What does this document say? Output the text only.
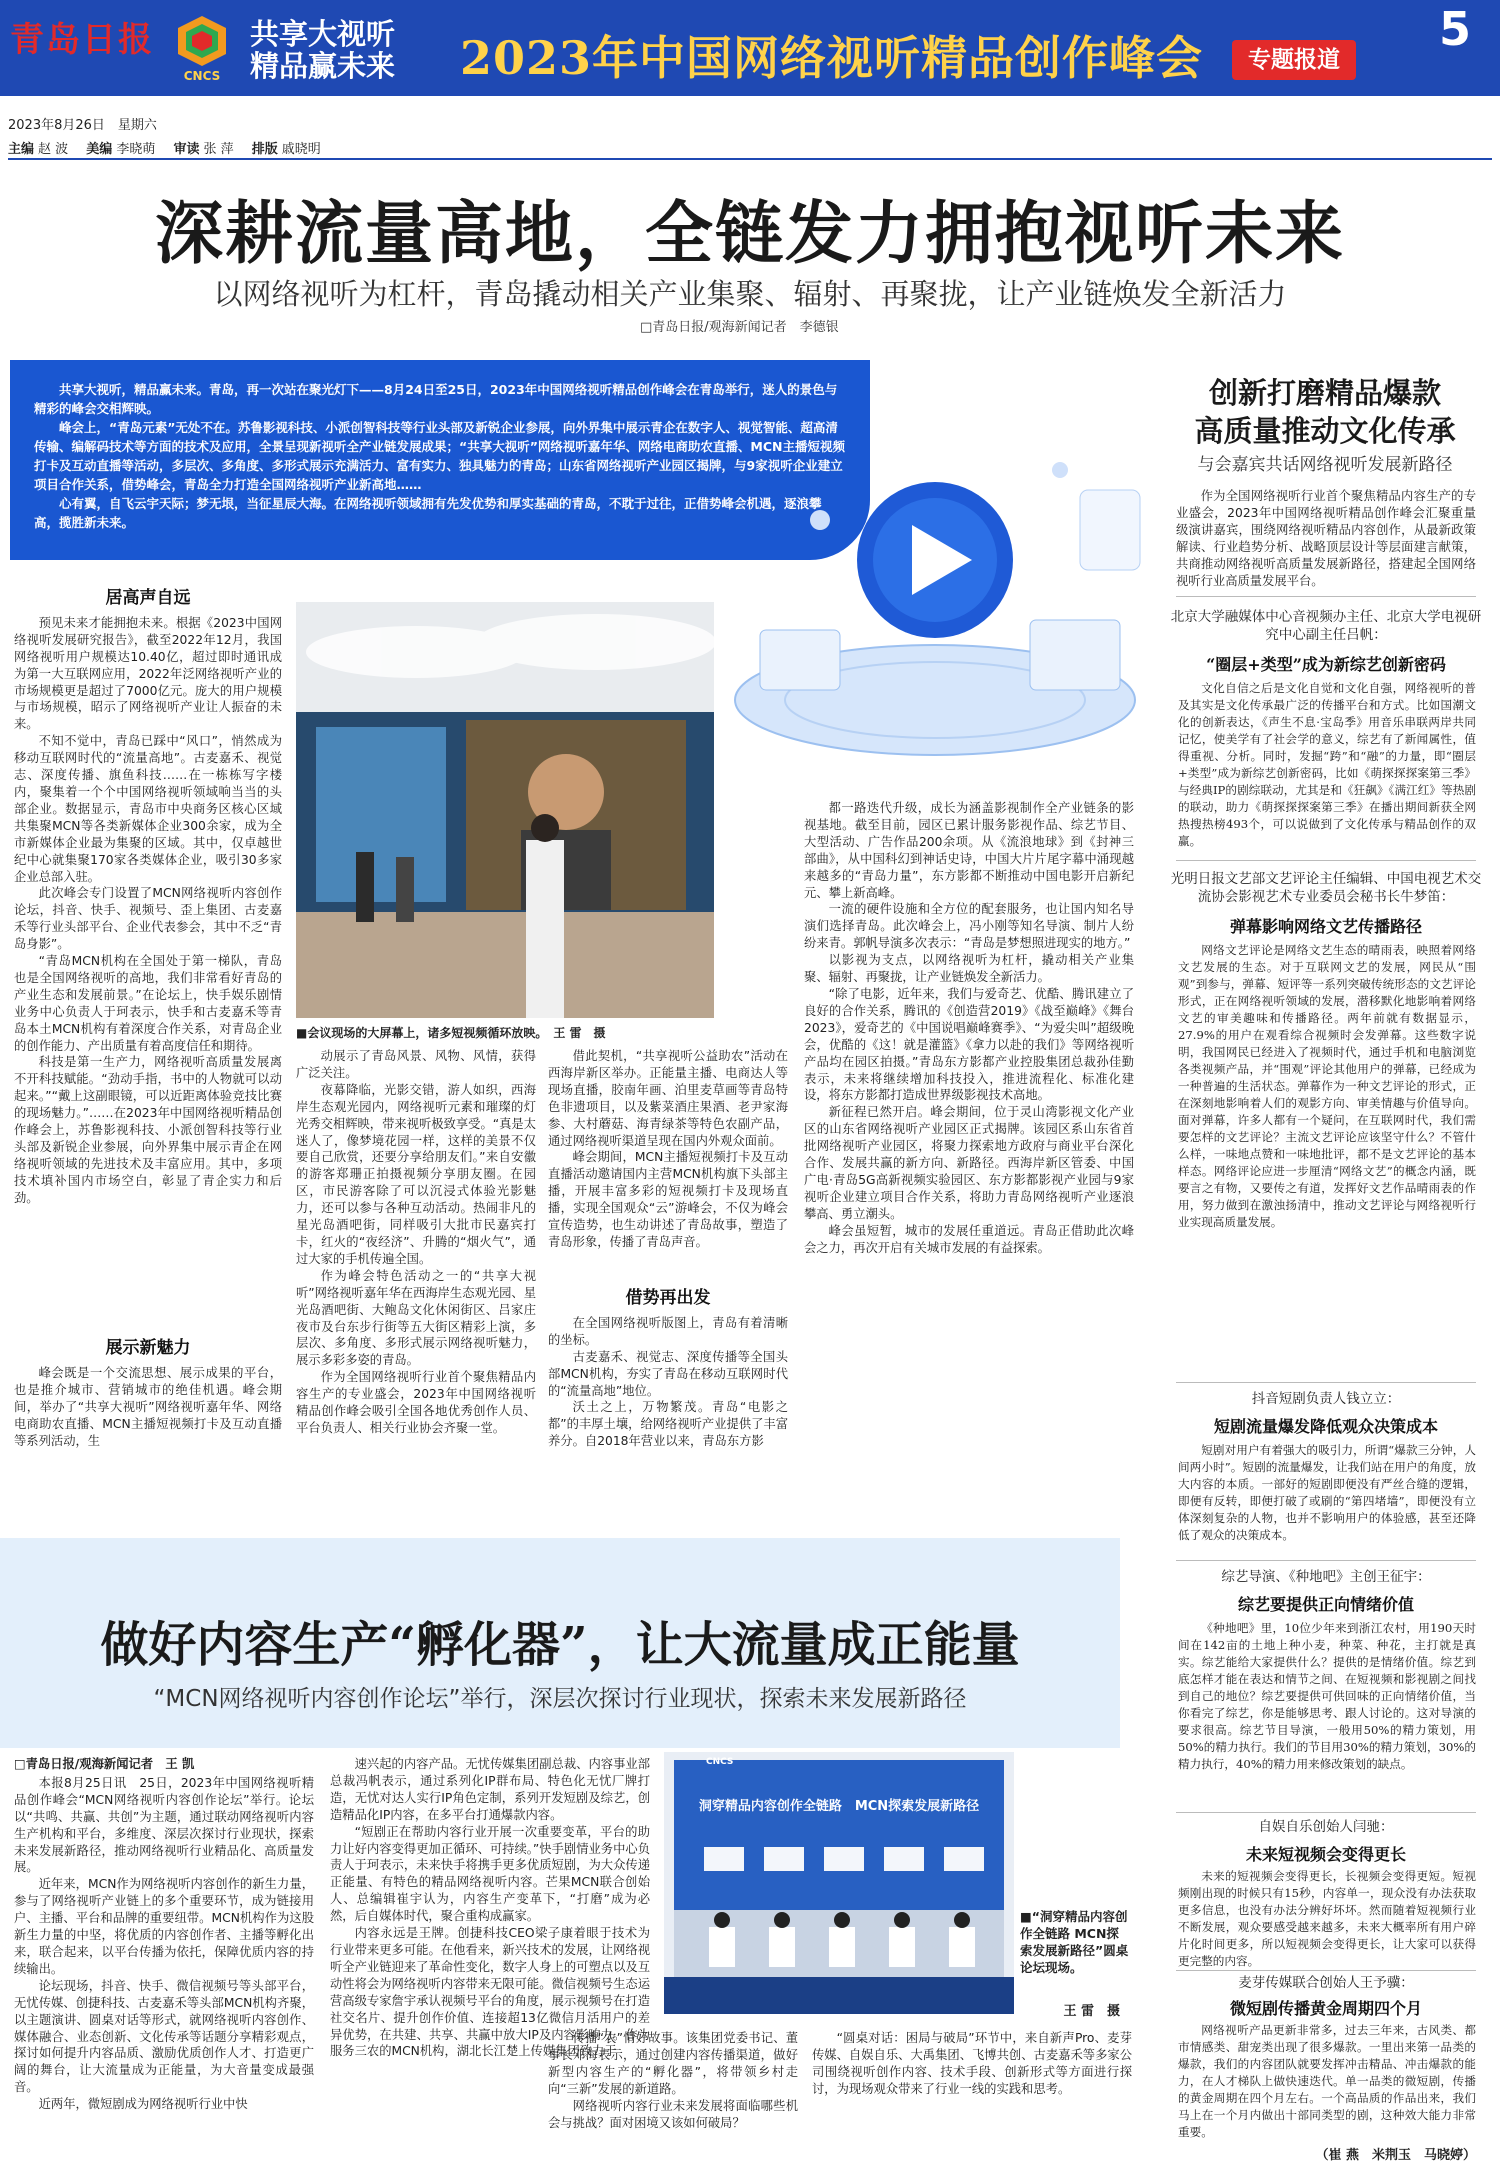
青岛日报
CNCS
共享大视听
精品赢未来	2023年中国网络视听精品创作峰会	专题报道
5
2023年8月26日　星期六
主编 赵 波 美编 李晓萌 审读 张 萍 排版 戚晓明
深耕流量高地，全链发力拥抱视听未来
以网络视听为杠杆，青岛撬动相关产业集聚、辐射、再聚拢，让产业链焕发全新活力
□青岛日报/观海新闻记者　李德银

共享大视听，精品赢未来。青岛，再一次站在聚光灯下——8月24日至25日，2023年中国网络视听精品创作峰会在青岛举行，迷人的景色与精彩的峰会交相辉映。

峰会上，“青岛元素”无处不在。苏鲁影视科技、小派创智科技等行业头部及新锐企业参展，向外界集中展示青企在数字人、视觉智能、超高清传输、编解码技术等方面的技术及应用，全景呈现新视听全产业链发展成果；“共享大视听”网络视听嘉年华、网络电商助农直播、MCN主播短视频打卡及互动直播等活动，多层次、多角度、多形式展示充满活力、富有实力、独具魅力的青岛；山东省网络视听产业园区揭牌，与9家视听企业建立项目合作关系，借势峰会，青岛全力打造全国网络视听产业新高地……

心有翼，自飞云宇天际；梦无垠，当征星辰大海。在网络视听领域拥有先发优势和厚实基础的青岛，不耽于过往，正借势峰会机遇，逐浪攀高，揽胜新未来。

■会议现场的大屏幕上，诸多短视频循环放映。　王 雷　摄
居高声自远

预见未来才能拥抱未来。根据《2023中国网络视听发展研究报告》，截至2022年12月，我国网络视听用户规模达10.40亿，超过即时通讯成为第一大互联网应用，2022年泛网络视听产业的市场规模更是超过了7000亿元。庞大的用户规模与市场规模，昭示了网络视听产业让人振奋的未来。

不知不觉中，青岛已踩中“风口”，悄然成为移动互联网时代的“流量高地”。古麦嘉禾、视觉志、深度传播、旗鱼科技……在一栋栋写字楼内，聚集着一个个中国网络视听领域响当当的头部企业。数据显示，青岛市中央商务区核心区域共集聚MCN等各类新媒体企业300余家，成为全市新媒体企业最为集聚的区域。其中，仅卓越世纪中心就集聚170家各类媒体企业，吸引30多家企业总部入驻。

此次峰会专门设置了MCN网络视听内容创作论坛，抖音、快手、视频号、歪上集团、古麦嘉禾等行业头部平台、企业代表参会，其中不乏“青岛身影”。

“青岛MCN机构在全国处于第一梯队，青岛也是全国网络视听的高地，我们非常看好青岛的产业生态和发展前景。”在论坛上，快手娱乐剧情业务中心负责人于珂表示，快手和古麦嘉禾等青岛本土MCN机构有着深度合作关系，对青岛企业的创作能力、产出质量有着高度信任和期待。

科技是第一生产力，网络视听高质量发展离不开科技赋能。“劲动手指，书中的人物就可以动起来。”“戴上这副眼镜，可以近距离体验竞技比赛的现场魅力。”……在2023年中国网络视听精品创作峰会上，苏鲁影视科技、小派创智科技等行业头部及新锐企业参展，向外界集中展示青企在网络视听领域的先进技术及丰富应用。其中，多项技术填补国内市场空白，彰显了青企实力和后劲。

展示新魅力

峰会既是一个交流思想、展示成果的平台，也是推介城市、营销城市的绝佳机遇。峰会期间，举办了“共享大视听”网络视听嘉年华、网络电商助农直播、MCN主播短视频打卡及互动直播等系列活动，生

动展示了青岛风景、风物、风情，获得广泛关注。

夜幕降临，光影交错，游人如织，西海岸生态观光园内，网络视听元素和璀璨的灯光秀交相辉映，带来视听极致享受。“真是太迷人了，像梦境花园一样，这样的美景不仅要自己欣赏，还要分享给朋友们。”来自安徽的游客郑珊正拍摄视频分享朋友圈。在园区，市民游客除了可以沉浸式体验光影魅力，还可以参与各种互动活动。热闹非凡的星光岛酒吧街，同样吸引大批市民嘉宾打卡，红火的“夜经济”、升腾的“烟火气”，通过大家的手机传遍全国。

作为峰会特色活动之一的“共享大视听”网络视听嘉年华在西海岸生态观光园、星光岛酒吧街、大鲍岛文化休闲街区、吕家庄夜市及台东步行街等五大街区精彩上演，多层次、多角度、多形式展示网络视听魅力，展示多彩多姿的青岛。

作为全国网络视听行业首个聚焦精品内容生产的专业盛会，2023年中国网络视听精品创作峰会吸引全国各地优秀创作人员、平台负责人、相关行业协会齐聚一堂。

借此契机，“共享视听公益助农”活动在西海岸新区举办。正能量主播、电商达人等现场直播，胶南年画、泊里麦草画等青岛特色非遗项目，以及紫菜酒庄果酒、老尹家海参、大村蘑菇、海青绿茶等特色农副产品，通过网络视听渠道呈现在国内外观众面前。

峰会期间，MCN主播短视频打卡及互动直播活动邀请国内主营MCN机构旗下头部主播，开展丰富多彩的短视频打卡及现场直播，实现全国观众“云”游峰会，不仅为峰会宣传造势，也生动讲述了青岛故事，塑造了青岛形象，传播了青岛声音。

借势再出发

在全国网络视听版图上，青岛有着清晰的坐标。

古麦嘉禾、视觉志、深度传播等全国头部MCN机构，夯实了青岛在移动互联网时代的“流量高地”地位。

沃土之上，万物繁茂。青岛“电影之都”的丰厚土壤，给网络视听产业提供了丰富养分。自2018年营业以来，青岛东方影

都一路迭代升级，成长为涵盖影视制作全产业链条的影视基地。截至目前，园区已累计服务影视作品、综艺节目、大型活动、广告作品200余项。从《流浪地球》到《封神三部曲》，从中国科幻到神话史诗，中国大片片尾字幕中涌现越来越多的“青岛力量”，东方影都不断推动中国电影开启新纪元、攀上新高峰。

一流的硬件设施和全方位的配套服务，也让国内知名导演们选择青岛。此次峰会上，冯小刚等知名导演、制片人纷纷来青。郭帆导演多次表示：“青岛是梦想照进现实的地方。”

以影视为支点，以网络视听为杠杆，撬动相关产业集聚、辐射、再聚拢，让产业链焕发全新活力。

“除了电影，近年来，我们与爱奇艺、优酷、腾讯建立了良好的合作关系，腾讯的《创造营2019》《战至巅峰》《舞台2023》，爱奇艺的《中国说唱巅峰赛季》、“为爱尖叫”超级晚会，优酷的《这！就是灌篮》《拿力以赴的我们》等网络视听产品均在园区拍摄。”青岛东方影都产业控股集团总裁孙佳勤表示，未来将继续增加科技投入，推进流程化、标准化建设，将东方影都打造成世界级影视技术高地。

新征程已然开启。峰会期间，位于灵山湾影视文化产业区的山东省网络视听产业园区正式揭牌。该园区系山东省首批网络视听产业园区，将聚力探索地方政府与商业平台深化合作、发展共赢的新方向、新路径。西海岸新区管委、中国广电·青岛5G高新视频实验园区、东方影都影视产业园与9家视听企业建立项目合作关系，将助力青岛网络视听产业逐浪攀高、勇立潮头。

峰会虽短暂，城市的发展任重道远。青岛正借助此次峰会之力，再次开启有关城市发展的有益探索。

创新打磨精品爆款
高质量推动文化传承
与会嘉宾共话网络视听发展新路径
作为全国网络视听行业首个聚焦精品内容生产的专业盛会，2023年中国网络视听精品创作峰会汇聚重量级演讲嘉宾，围绕网络视听精品内容创作，从最新政策解读、行业趋势分析、战略顶层设计等层面建言献策，共商推动网络视听高质量发展新路径，搭建起全国网络视听行业高质量发展平台。
北京大学融媒体中心音视频办主任、北京大学电视研究中心副主任吕帆：
“圈层+类型”成为新综艺创新密码
文化自信之后是文化自觉和文化自强，网络视听的普及其实是文化传承最广泛的传播平台和方式。比如国潮文化的创新表达，《声生不息·宝岛季》用音乐串联两岸共同记忆，使美学有了社会学的意义，综艺有了新闻属性，值得重视、分析。同时，发掘“跨”和“融”的力量，即“圈层+类型”成为新综艺创新密码，比如《萌探探探案第三季》与经典IP的剧综联动，尤其是和《狂飙》《满江红》等热剧的联动，助力《萌探探探案第三季》在播出期间新获全网热搜热榜493个，可以说做到了文化传承与精品创作的双赢。
光明日报文艺部文艺评论主任编辑、中国电视艺术交流协会影视艺术专业委员会秘书长牛梦笛：
弹幕影响网络文艺传播路径
网络文艺评论是网络文艺生态的晴雨表，映照着网络文艺发展的生态。对于互联网文艺的发展，网民从“围观”到参与，弹幕、短评等一系列突破传统形态的文艺评论形式，正在网络视听领域的发展，潜移默化地影响着网络文艺的审美趣味和传播路径。两年前就有数据显示，27.9%的用户在观看综合视频时会发弹幕。这些数字说明，我国网民已经进入了视频时代，通过手机和电脑浏览各类视频产品，并“围观”评论其他用户的弹幕，已经成为一种普遍的生活状态。弹幕作为一种文艺评论的形式，正在深刻地影响着人们的观影方向、审美情趣与价值导向。面对弹幕，许多人都有一个疑问，在互联网时代，我们需要怎样的文艺评论？主流文艺评论应该坚守什么？不管什么样，一味地点赞和一味地批评，都不是文艺评论的基本样态。网络评论应进一步厘清“网络文艺”的概念内涵，既要言之有物，又要传之有道，发挥好文艺作品晴雨表的作用，努力做到在激浊扬清中，推动文艺评论与网络视听行业实现高质量发展。
抖音短剧负责人钱立立：
短剧流量爆发降低观众决策成本
短剧对用户有着强大的吸引力，所谓“爆款三分钟，人间两小时”。短剧的流量爆发，让我们站在用户的角度，放大内容的本质。一部好的短剧即便没有严丝合缝的逻辑，即便有反转，即便打破了或刷的“第四堵墙”，即便没有立体深刻复杂的人物，也并不影响用户的体验感，甚至还降低了观众的决策成本。
综艺导演、《种地吧》主创王征宇：
综艺要提供正向情绪价值
《种地吧》里，10位少年来到浙江农村，用190天时间在142亩的土地上种小麦，种菜、种花，主打就是真实。综艺能给大家提供什么？提供的是情绪价值。综艺到底怎样才能在表达和情节之间、在短视频和影视剧之间找到自己的地位？综艺要提供可供回味的正向情绪价值，当你看完了综艺，你是能够思考、跟人讨论的。这对导演的要求很高。综艺节目导演，一般用50%的精力策划，用50%的精力执行。我们的节目用30%的精力策划，30%的精力执行，40%的精力用来修改策划的缺点。
自娱自乐创始人闫驰：
未来短视频会变得更长
未来的短视频会变得更长，长视频会变得更短。短视频刚出现的时候只有15秒，内容单一，现众没有办法获取更多信息，也没有办法分辨好坏坏。然而随着短视频行业不断发展，观众要感受越来越多，未来大概率所有用户碎片化时间更多，所以短视频会变得更长，让大家可以获得更完整的内容。
麦芽传媒联合创始人王予骥：
微短剧传播黄金周期四个月
网络视听产品更新非常多，过去三年来，古风类、都市情感类、甜宠类出现了很多爆款。一里出来第一品类的爆款，我们的内容团队就要发挥冲击精品、冲击爆款的能力，在人才梯队上做快速迭代。单一品类的微短剧，传播的黄金周期在四个月左右。一个高品质的作品出来，我们马上在一个月内做出十部同类型的剧，这种效大能力非常重要。
（崔 燕　米荆玉　马晓婷）
做好内容生产“孵化器”，让大流量成正能量
“MCN网络视听内容创作论坛”举行，深层次探讨行业现状，探索未来发展新路径
□青岛日报/观海新闻记者　王 凯

本报8月25日讯　25日，2023年中国网络视听精品创作峰会“MCN网络视听内容创作论坛”举行。论坛以“共鸣、共赢、共创”为主题，通过联动网络视听内容生产机构和平台，多维度、深层次探讨行业现状，探索未来发展新路径，推动网络视听行业精品化、高质量发展。

近年来，MCN作为网络视听内容创作的新生力量，参与了网络视听产业链上的多个重要环节，成为链接用户、主播、平台和品牌的重要纽带。MCN机构作为这股新生力量的中坚，将优质的内容创作者、主播等孵化出来，联合起来，以平台传播为依托，保障优质内容的持续输出。

论坛现场，抖音、快手、微信视频号等头部平台，无忧传媒、创捷科技、古麦嘉禾等头部MCN机构齐聚，以主题演讲、圆桌对话等形式，就网络视听内容创作、媒体融合、业态创新、文化传承等话题分享精彩观点，探讨如何提升内容品质、激励优质创作人才、打造更广阔的舞台，让大流量成为正能量，为大音量变成最强音。

近两年，微短剧成为网络视听行业中快

速兴起的内容产品。无忧传媒集团副总裁、内容事业部总裁冯帆表示，通过系列化IP群布局、特色化无忧厂牌打造，无忧对达人实行IP角色定制，系列开发短剧及综艺，创造精品化IP内容，在多平台打通爆款内容。

“短剧正在帮助内容行业开展一次重要变革，平台的助力让好内容变得更加正循环、可持续。”快手剧情业务中心负责人于珂表示，未来快手将携手更多优质短剧，为大众传递正能量、有特色的精品网络视听内容。芒果MCN联合创始人、总编辑崔宇认为，内容生产变革下，“打磨”成为必然，后自媒体时代，聚合重构成赢家。

内容永远是王牌。创捷科技CEO梁子康着眼于技术为行业带来更多可能。在他看来，新兴技术的发展，让网络视听全产业链迎来了革命性变化，数字人身上的可塑点以及互动性将会为网络视听内容带来无限可能。微信视频号生态运营高级专家詹宇承认视频号平台的角度，展示视频号在打造社交名片、提升创作价值、连接超13亿微信月活用户的差异优势，在共建、共享、共赢中放大IP及内容影响力。作为服务三农的MCN机构，湖北长江楚上传媒集团致力于

CNCS
洞穿精品内容创作全链路　MCN探索发展新路径
■“洞穿精品内容创作全链路 MCN探索发展新路径”圆桌论坛现场。
王 雷　摄

传播“农”情好故事。该集团党委书记、董事长邓海表示，通过创建内容传播渠道，做好新型内容生产的“孵化器”，将带领乡村走向“三新”发展的新道路。

网络视听内容行业未来发展将面临哪些机会与挑战？面对困境又该如何破局？

“圆桌对话：困局与破局”环节中，来自新声Pro、麦芽传媒、自娱自乐、大禹集团、飞博共创、古麦嘉禾等多家公司围绕视听创作内容、技术手段、创新形式等方面进行探讨，为现场观众带来了行业一线的实践和思考。
